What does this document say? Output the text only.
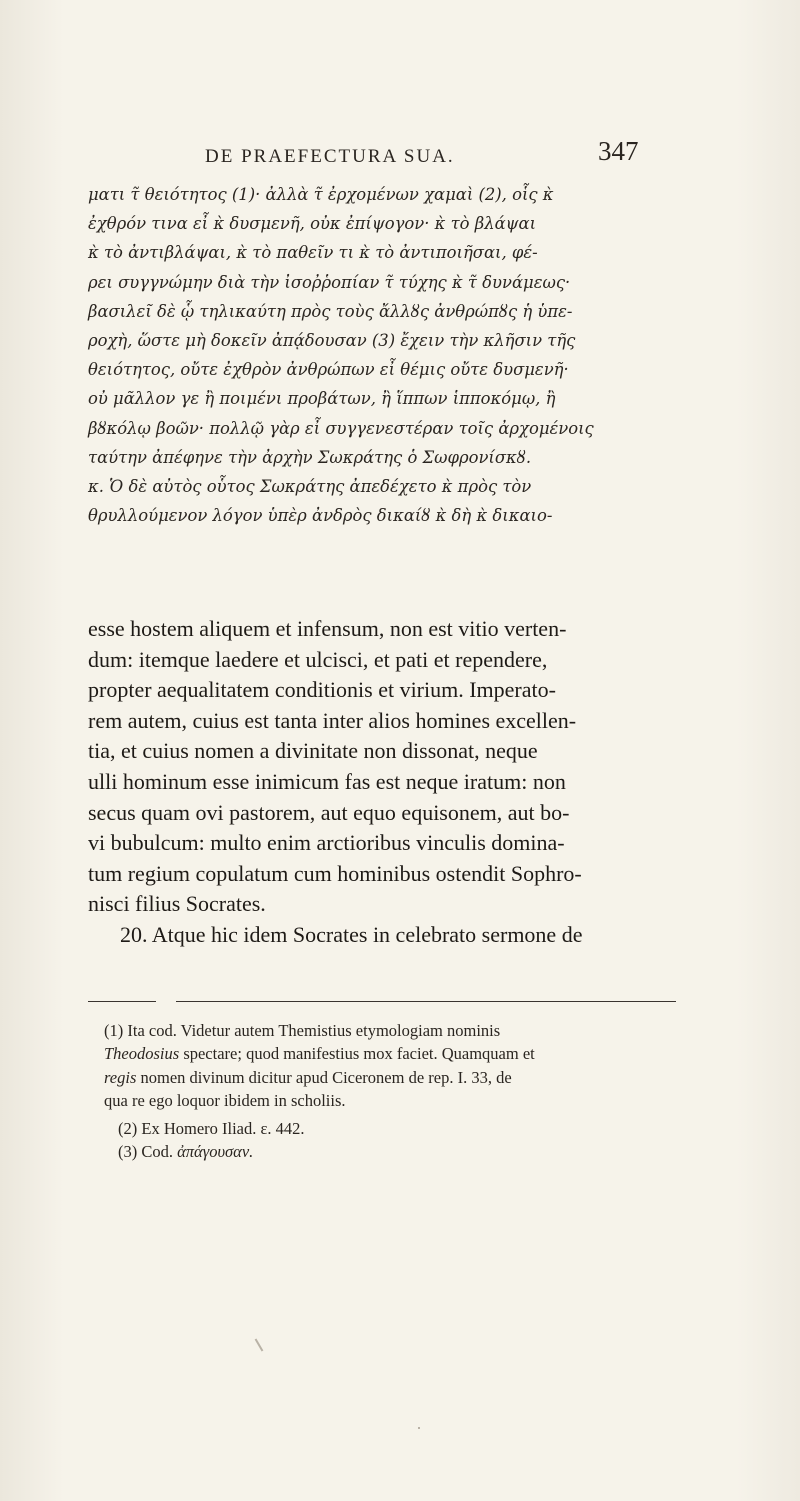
DE PRAEFECTURA SUA.	347
ματι τ̃ θειότητος (1)· ἀλλὰ τ̃ ἐρχομένων χαμαὶ (2), οἷς κ̀
ἐχθρόν τινα εἶ κ̀ δυσμενῆ, οὐκ ἐπίψογον· κ̀ τὸ βλάψαι
κ̀ τὸ ἀντιβλάψαι, κ̀ τὸ παθεῖν τι κ̀ τὸ ἀντιποιῆσαι, φέ-
ρει συγγνώμην διὰ τὴν ἰσοῤῥοπίαν τ̃ τύχης κ̀ τ̃ δυνάμεως·
βασιλεῖ δὲ ᾧ τηλικαύτη πρὸς τοὺς ἄλλȣς ἀνθρώπȣς ἡ ὑπε-
ροχὴ, ὥστε μὴ δοκεῖν ἀπᾴδουσαν (3) ἔχειν τὴν κλῆσιν τῆς
θειότητος, οὔτε ἐχθρὸν ἀνθρώπων εἶ θέμις οὔτε δυσμενῆ·
οὐ μᾶλλον γε ἢ ποιμένι προβάτων, ἢ ἵππων ἱπποκόμῳ, ἢ
βȣκόλῳ βοῶν· πολλῷ γὰρ εἶ συγγενεστέραν τοῖς ἀρχομένοις
ταύτην ἀπέφηνε τὴν ἀρχὴν Σωκράτης ὁ Σωφρονίσκȣ.
κ. Ὁ δὲ αὐτὸς οὗτος Σωκράτης ἀπεδέχετο κ̀ πρὸς τὸν
θρυλλούμενον λόγον ὑπὲρ ἀνδρὸς δικαίȣ κ̀ δὴ κ̀ δικαιο-
esse hostem aliquem et infensum, non est vitio verten-
dum: itemque laedere et ulcisci, et pati et rependere,
propter aequalitatem conditionis et virium. Imperato-
rem autem, cuius est tanta inter alios homines excellen-
tia, et cuius nomen a divinitate non dissonat, neque
ulli hominum esse inimicum fas est neque iratum: non
secus quam ovi pastorem, aut equo equisonem, aut bo-
vi bubulcum: multo enim arctioribus vinculis domina-
tum regium copulatum cum hominibus ostendit Sophro-
nisci filius Socrates.
20. Atque hic idem Socrates in celebrato sermone de
(1) Ita cod. Videtur autem Themistius etymologiam nominis
Theodosius spectare; quod manifestius mox faciet. Quamquam et
regis nomen divinum dicitur apud Ciceronem de rep. I. 33, de
qua re ego loquor ibidem in scholiis.
(2) Ex Homero Iliad. ε. 442.
(3) Cod. ἀπάγουσαν.
